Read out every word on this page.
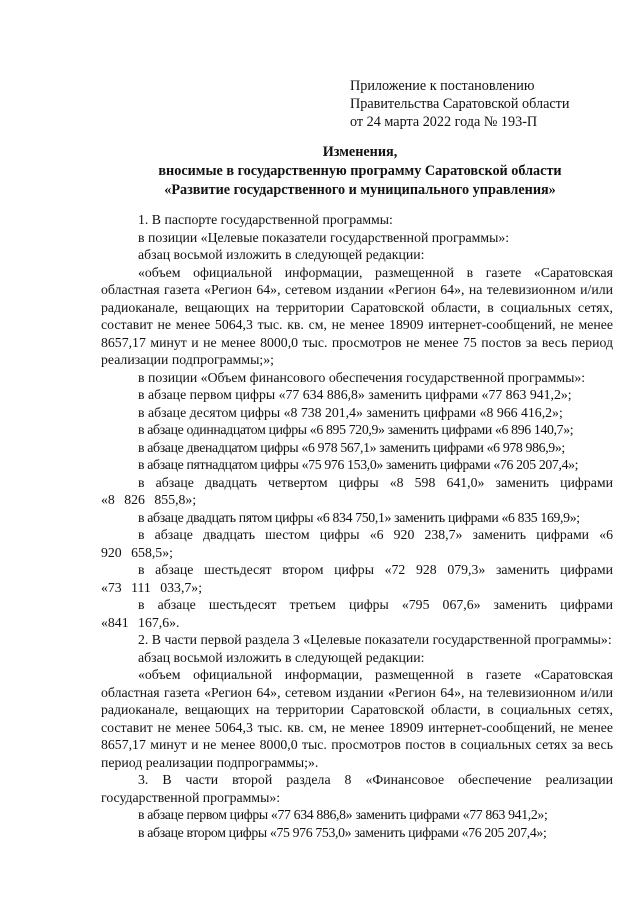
Приложение к постановлению
Правительства Саратовской области
от 24 марта 2022 года № 193-П
Изменения,
вносимые в государственную программу Саратовской области
«Развитие государственного и муниципального управления»

1. В паспорте государственной программы:

в позиции «Целевые показатели государственной программы»:

абзац восьмой изложить в следующей редакции:

«объем официальной информации, размещенной в газете «Саратовская областная газета «Регион 64», сетевом издании «Регион 64», на телевизионном и/или радиоканале, вещающих на территории Саратовской области, в социальных сетях, составит не менее 5064,3 тыс. кв. см, не менее 18909 интернет-сообщений, не менее 8657,17 минут и не менее 8000,0 тыс. просмотров не менее 75 постов за весь период реализации подпрограммы;»;

в позиции «Объем финансового обеспечения государственной программы»:

в абзаце первом цифры «77 634 886,8» заменить цифрами «77 863 941,2»;

в абзаце десятом цифры «8 738 201,4» заменить цифрами «8 966 416,2»;

в абзаце одиннадцатом цифры «6 895 720,9» заменить цифрами «6 896 140,7»;

в абзаце двенадцатом цифры «6 978 567,1» заменить цифрами «6 978 986,9»;

в абзаце пятнадцатом цифры «75 976 153,0» заменить цифрами «76 205 207,4»;

в абзаце двадцать четвертом цифры «8 598 641,0» заменить цифрами «8 826 855,8»;

в абзаце двадцать пятом цифры «6 834 750,1» заменить цифрами «6 835 169,9»;

в абзаце двадцать шестом цифры «6 920 238,7» заменить цифрами «6 920 658,5»;

в абзаце шестьдесят втором цифры «72 928 079,3» заменить цифрами «73 111 033,7»;

в абзаце шестьдесят третьем цифры «795 067,6» заменить цифрами «841 167,6».

2. В части первой раздела 3 «Целевые показатели государственной программы»:

абзац восьмой изложить в следующей редакции:

«объем официальной информации, размещенной в газете «Саратовская областная газета «Регион 64», сетевом издании «Регион 64», на телевизионном и/или радиоканале, вещающих на территории Саратовской области, в социальных сетях, составит не менее 5064,3 тыс. кв. см, не менее 18909 интернет-сообщений, не менее 8657,17 минут и не менее 8000,0 тыс. просмотров постов в социальных сетях за весь период реализации подпрограммы;».

3. В части второй раздела 8 «Финансовое обеспечение реализации государственной программы»:

в абзаце первом цифры «77 634 886,8» заменить цифрами «77 863 941,2»;

в абзаце втором цифры «75 976 753,0» заменить цифрами «76 205 207,4»;
